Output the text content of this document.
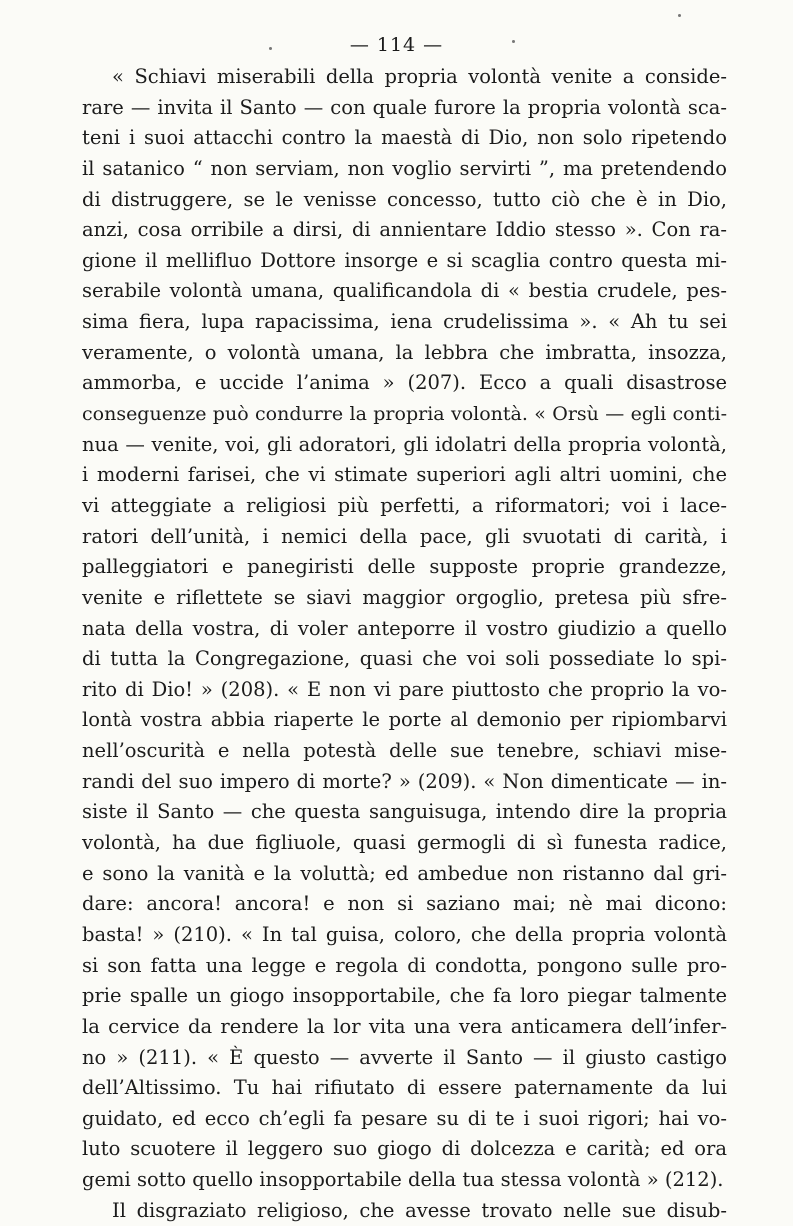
— 114 —
« Schiavi miserabili della propria volontà venite a conside-
rare — invita il Santo — con quale furore la propria volontà sca-
teni i suoi attacchi contro la maestà di Dio, non solo ripetendo
il satanico “ non serviam, non voglio servirti ”, ma pretendendo
di distruggere, se le venisse concesso, tutto ciò che è in Dio,
anzi, cosa orribile a dirsi, di annientare Iddio stesso ». Con ra-
gione il mellifluo Dottore insorge e si scaglia contro questa mi-
serabile volontà umana, qualificandola di « bestia crudele, pes-
sima fiera, lupa rapacissima, iena crudelissima ». « Ah tu sei
veramente, o volontà umana, la lebbra che imbratta, insozza,
ammorba, e uccide l’anima » (207). Ecco a quali disastrose
conseguenze può condurre la propria volontà. « Orsù — egli conti-
nua — venite, voi, gli adoratori, gli idolatri della propria volontà,
i moderni farisei, che vi stimate superiori agli altri uomini, che
vi atteggiate a religiosi più perfetti, a riformatori; voi i lace-
ratori dell’unità, i nemici della pace, gli svuotati di carità, i
palleggiatori e panegiristi delle supposte proprie grandezze,
venite e riflettete se siavi maggior orgoglio, pretesa più sfre-
nata della vostra, di voler anteporre il vostro giudizio a quello
di tutta la Congregazione, quasi che voi soli possediate lo spi-
rito di Dio! » (208). « E non vi pare piuttosto che proprio la vo-
lontà vostra abbia riaperte le porte al demonio per ripiombarvi
nell’oscurità e nella potestà delle sue tenebre, schiavi mise-
randi del suo impero di morte? » (209). « Non dimenticate — in-
siste il Santo — che questa sanguisuga, intendo dire la propria
volontà, ha due figliuole, quasi germogli di sì funesta radice,
e sono la vanità e la voluttà; ed ambedue non ristanno dal gri-
dare: ancora! ancora! e non si saziano mai; nè mai dicono:
basta! » (210). « In tal guisa, coloro, che della propria volontà
si son fatta una legge e regola di condotta, pongono sulle pro-
prie spalle un giogo insopportabile, che fa loro piegar talmente
la cervice da rendere la lor vita una vera anticamera dell’infer-
no » (211). « È questo — avverte il Santo — il giusto castigo
dell’Altissimo. Tu hai rifiutato di essere paternamente da lui
guidato, ed ecco ch’egli fa pesare su di te i suoi rigori; hai vo-
luto scuotere il leggero suo giogo di dolcezza e carità; ed ora
gemi sotto quello insopportabile della tua stessa volontà » (212).
Il disgraziato religioso, che avesse trovato nelle sue disub-
